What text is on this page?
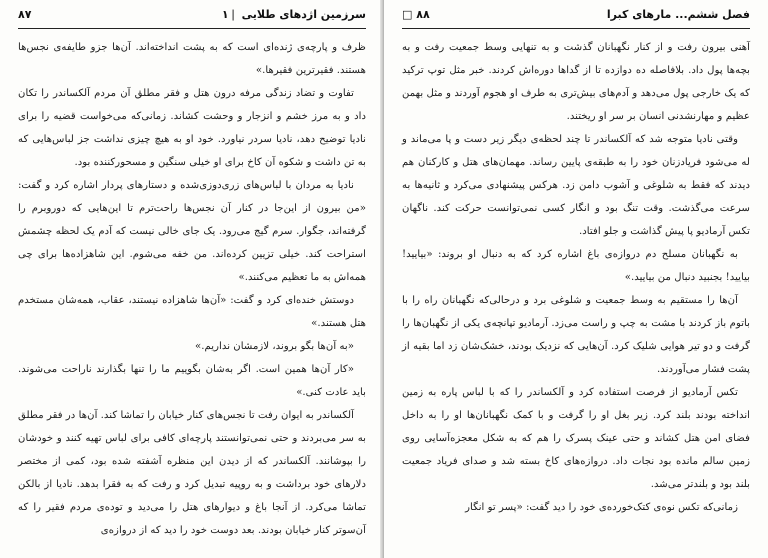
سرزمین اژدهای طلایی ❘۱
۸۷

ظرف و پارچه‌ی ژنده‌ای است که به پشت انداخته‌اند. آن‌ها جزو طایفه‌ی نجس‌ها هستند. فقیرترین فقیرها.»

تفاوت و تضاد زندگی مرفه درون هتل و فقر مطلق آن مردم آلکساندر را تکان داد و به مرز خشم و انزجار و وحشت کشاند. زمانی‌که می‌خواست قضیه را برای نادیا توضیح دهد، نادیا سردر نیاورد. خود او به هیچ چیزی نداشت جز لباس‌هایی که به تن داشت و شکوه آن کاخ برای او خیلی سنگین و مسحورکننده بود.

نادیا به مردان با لباس‌های زری‌دوزی‌شده و دستارهای پردار اشاره کرد و گفت: «من بیرون از این‌جا در کنار آن نجس‌ها راحت‌ترم تا این‌هایی که دوروبرم را گرفته‌اند، جگوار. سرم گیج می‌رود. یک جای خالی نیست که آدم یک لحظه چشمش استراحت کند. خیلی تزیین کرده‌اند. من خفه می‌شوم. این شاهزاده‌ها برای چی همه‌اش به ما تعظیم می‌کنند.»

دوستش خنده‌ای کرد و گفت: «آن‌ها شاهزاده نیستند، عقاب، همه‌شان مستخدم هتل هستند.»

«به آن‌ها بگو بروند، لازمشان نداریم.»

«کار آن‌ها همین است. اگر به‌شان بگوییم ما را تنها بگذارند ناراحت می‌شوند. باید عادت کنی.»

آلکساندر به ایوان رفت تا نجس‌های کنار خیابان را تماشا کند. آن‌ها در فقر مطلق به سر می‌بردند و حتی نمی‌توانستند پارچه‌ای کافی برای لباس تهیه کنند و خودشان را بپوشانند. آلکساندر که از دیدن این منظره آشفته شده بود، کمی از مختصر دلارهای خود برداشت و به روپیه تبدیل کرد و رفت که به فقرا بدهد. نادیا از بالکن تماشا می‌کرد. از آنجا باغ و دیوارهای هتل را می‌دید و توده‌ی مردم فقیر را که آن‌سوتر کنار خیابان بودند. بعد دوست خود را دید که از دروازه‌ی

فصل ششم... مارهای کبرا
۸۸ □

آهنی بیرون رفت و از کنار نگهبانان گذشت و به تنهایی وسط جمعیت رفت و به بچه‌ها پول داد. بلافاصله ده دوازده تا از گداها دوره‌اش کردند. خبر مثل توپ ترکید که یک خارجی پول می‌دهد و آدم‌های بیش‌تری به طرف او هجوم آوردند و مثل بهمن عظیم و مهارنشدنی انسان بر سر او ریختند.

وقتی نادیا متوجه شد که آلکساندر تا چند لحظه‌ی دیگر زیر دست و پا می‌ماند و له می‌شود فریادزنان خود را به طبقه‌ی پایین رساند. مهمان‌های هتل و کارکنان هم دیدند که فقط به شلوغی و آشوب دامن زد. هرکس پیشنهادی می‌کرد و ثانیه‌ها به سرعت می‌گذشت. وقت تنگ بود و انگار کسی نمی‌توانست حرکت کند. ناگهان تکس آرمادیو پا پیش گذاشت و جلو افتاد.

به نگهبانان مسلح دم دروازه‌ی باغ اشاره کرد که به دنبال او بروند: «بیایید! بیایید! بجنبید دنبال من بیایید.»

آن‌ها را مستقیم به وسط جمعیت و شلوغی برد و درحالی‌که نگهبانان راه را با باتوم باز کردند با مشت به چپ و راست می‌زد. آرمادیو تپانچه‌ی یکی از نگهبان‌ها را گرفت و دو تیر هوایی شلیک کرد. آن‌هایی که نزدیک بودند، خشک‌شان زد اما بقیه از پشت فشار می‌آوردند.

تکس آرمادیو از فرصت استفاده کرد و آلکساندر را که با لباس پاره به زمین انداخته بودند بلند کرد. زیر بغل او را گرفت و با کمک نگهبانان‌ها او را به داخل فضای امن هتل کشاند و حتی عینک پسرک را هم که به شکل معجزه‌آسایی روی زمین سالم مانده بود نجات داد. دروازه‌های کاخ بسته شد و صدای فریاد جمعیت بلند بود و بلندتر می‌شد.

زمانی‌که تکس نوه‌ی کتک‌خورده‌ی خود را دید گفت: «پسر تو انگار
